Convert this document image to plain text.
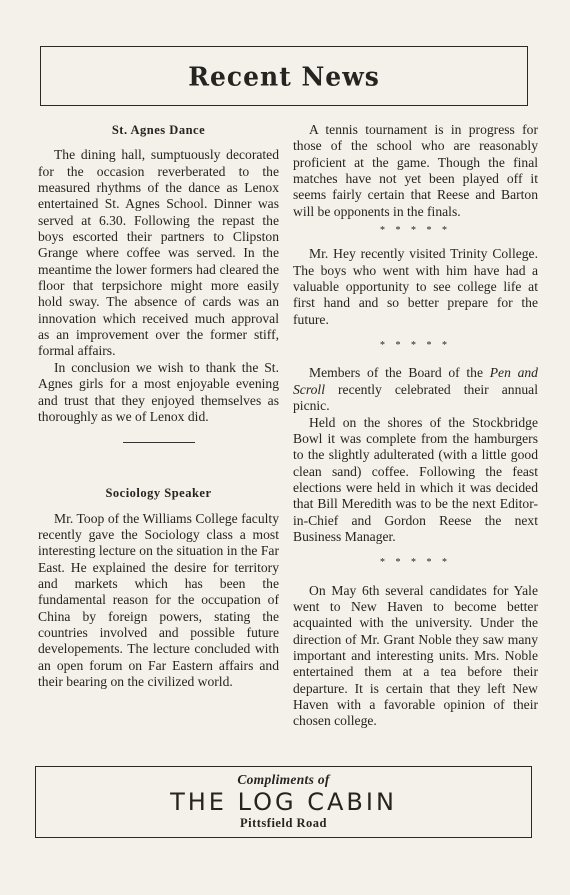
Recent News
St. Agnes Dance

The dining hall, sumptuously decorated for the occasion reverberated to the measured rhythms of the dance as Lenox entertained St. Agnes School. Dinner was served at 6.30. Following the repast the boys escorted their partners to Clipston Grange where coffee was served. In the meantime the lower formers had cleared the floor that terpsichore might more easily hold sway. The absence of cards was an innovation which received much approval as an improvement over the former stiff, formal affairs.

In conclusion we wish to thank the St. Agnes girls for a most enjoyable evening and trust that they enjoyed themselves as thoroughly as we of Lenox did.

Sociology Speaker

Mr. Toop of the Williams College faculty recently gave the Sociology class a most interesting lecture on the situation in the Far East. He explained the desire for territory and markets which has been the fundamental reason for the occupation of China by foreign powers, stating the countries involved and possible future developements. The lecture concluded with an open forum on Far Eastern affairs and their bearing on the civilized world.

A tennis tournament is in progress for those of the school who are reasonably proficient at the game. Though the final matches have not yet been played off it seems fairly certain that Reese and Barton will be opponents in the finals.

* * * * *

Mr. Hey recently visited Trinity College. The boys who went with him have had a valuable opportunity to see college life at first hand and so better prepare for the future.

* * * * *

Members of the Board of the Pen and Scroll recently celebrated their annual picnic.

Held on the shores of the Stockbridge Bowl it was complete from the hamburgers to the slightly adulterated (with a little good clean sand) coffee. Following the feast elections were held in which it was decided that Bill Meredith was to be the next Editor-in-Chief and Gordon Reese the next Business Manager.

* * * * *

On May 6th several candidates for Yale went to New Haven to become better acquainted with the university. Under the direction of Mr. Grant Noble they saw many important and interesting units. Mrs. Noble entertained them at a tea before their departure. It is certain that they left New Haven with a favorable opinion of their chosen college.

Compliments of
THE LOG CABIN
Pittsfield Road
